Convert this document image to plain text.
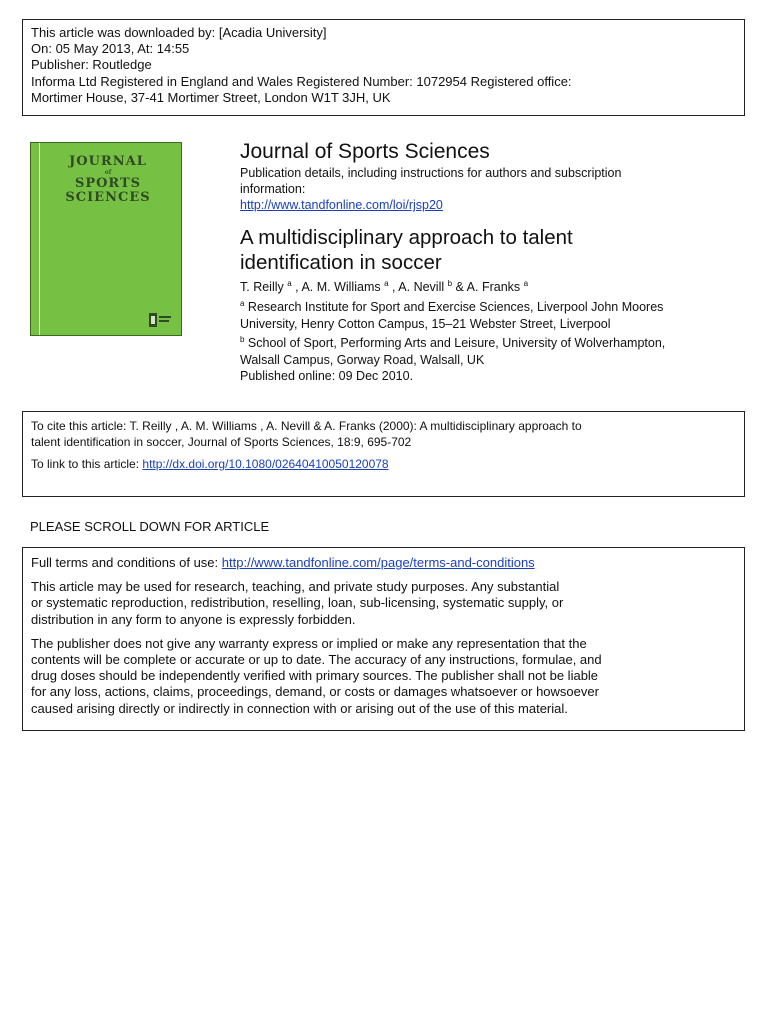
This article was downloaded by: [Acadia University]
On: 05 May 2013, At: 14:55
Publisher: Routledge
Informa Ltd Registered in England and Wales Registered Number: 1072954 Registered office:
Mortimer House, 37-41 Mortimer Street, London W1T 3JH, UK
JOURNAL
of
SPORTS
SCIENCES
Journal of Sports Sciences
Publication details, including instructions for authors and subscription
information:
http://www.tandfonline.com/loi/rjsp20
A multidisciplinary approach to talent
identification in soccer
T. Reilly $^a$ , A. M. Williams $^a$ , A. Nevill $^b$ & A. Franks $^a$
$^a$ Research Institute for Sport and Exercise Sciences, Liverpool John Moores
University, Henry Cotton Campus, 15–21 Webster Street, Liverpool
$^b$ School of Sport, Performing Arts and Leisure, University of Wolverhampton,
Walsall Campus, Gorway Road, Walsall, UK
Published online: 09 Dec 2010.
To cite this article: T. Reilly , A. M. Williams , A. Nevill & A. Franks (2000): A multidisciplinary approach to
talent identification in soccer, Journal of Sports Sciences, 18:9, 695-702
To link to this article: http://dx.doi.org/10.1080/02640410050120078
PLEASE SCROLL DOWN FOR ARTICLE
Full terms and conditions of use: http://www.tandfonline.com/page/terms-and-conditions
This article may be used for research, teaching, and private study purposes. Any substantial
or systematic reproduction, redistribution, reselling, loan, sub-licensing, systematic supply, or
distribution in any form to anyone is expressly forbidden.
The publisher does not give any warranty express or implied or make any representation that the
contents will be complete or accurate or up to date. The accuracy of any instructions, formulae, and
drug doses should be independently verified with primary sources. The publisher shall not be liable
for any loss, actions, claims, proceedings, demand, or costs or damages whatsoever or howsoever
caused arising directly or indirectly in connection with or arising out of the use of this material.
